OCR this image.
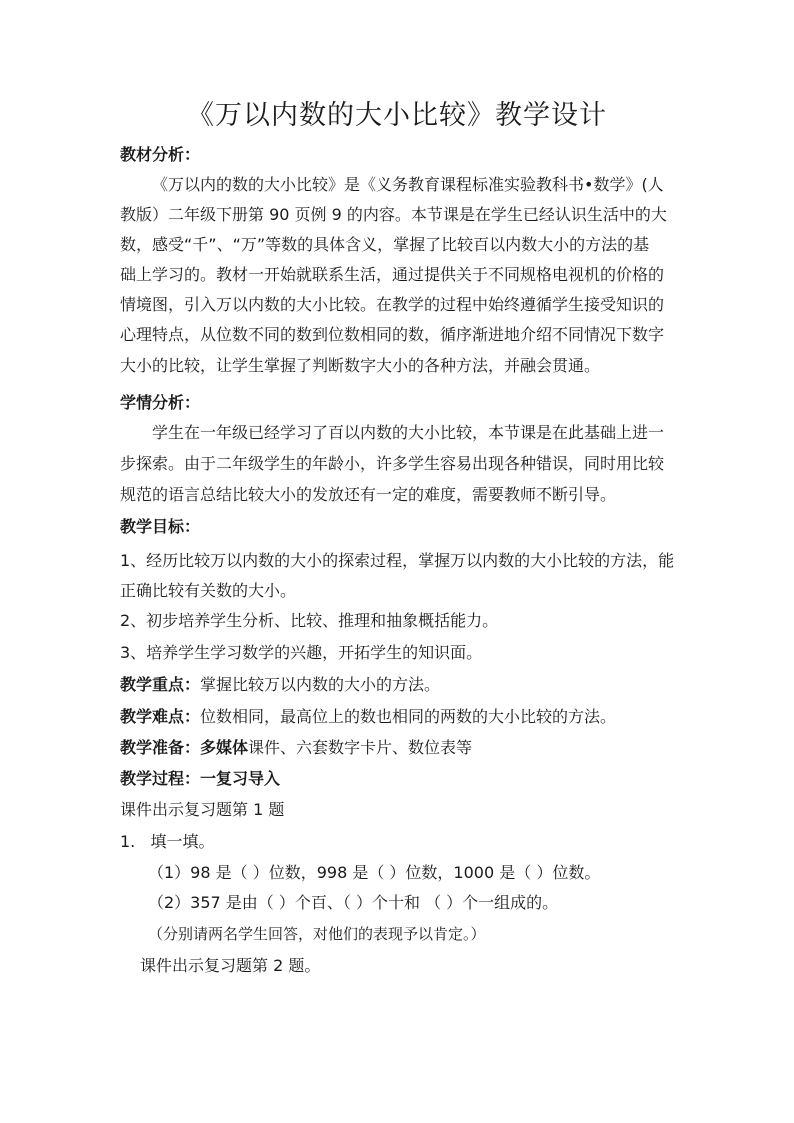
《万以内数的大小比较》教学设计
教材分析：
《万以内的数的大小比较》是《义务教育课程标准实验教科书•数学》(人
教版）二年级下册第 90 页例 9 的内容。本节课是在学生已经认识生活中的大
数，感受“千”、“万”等数的具体含义，掌握了比较百以内数大小的方法的基
础上学习的。教材一开始就联系生活，通过提供关于不同规格电视机的价格的
情境图，引入万以内数的大小比较。在教学的过程中始终遵循学生接受知识的
心理特点，从位数不同的数到位数相同的数，循序渐进地介绍不同情况下数字
大小的比较，让学生掌握了判断数字大小的各种方法，并融会贯通。
学情分析：
学生在一年级已经学习了百以内数的大小比较，本节课是在此基础上进一
步探索。由于二年级学生的年龄小，许多学生容易出现各种错误，同时用比较
规范的语言总结比较大小的发放还有一定的难度，需要教师不断引导。
教学目标：
1、经历比较万以内数的大小的探索过程，掌握万以内数的大小比较的方法，能
正确比较有关数的大小。
2、初步培养学生分析、比较、推理和抽象概括能力。
3、培养学生学习数学的兴趣，开拓学生的知识面。
教学重点：掌握比较万以内数的大小的方法。
教学难点：位数相同，最高位上的数也相同的两数的大小比较的方法。
教学准备：多媒体课件、六套数字卡片、数位表等
教学过程：一复习导入
课件出示复习题第 1 题
1. 填一填。
（1）98 是（ ）位数，998 是（ ）位数，1000 是（ ）位数。
（2）357 是由（ ）个百、（ ）个十和 （ ）个一组成的。
（分别请两名学生回答，对他们的表现予以肯定。）
课件出示复习题第 2 题。
